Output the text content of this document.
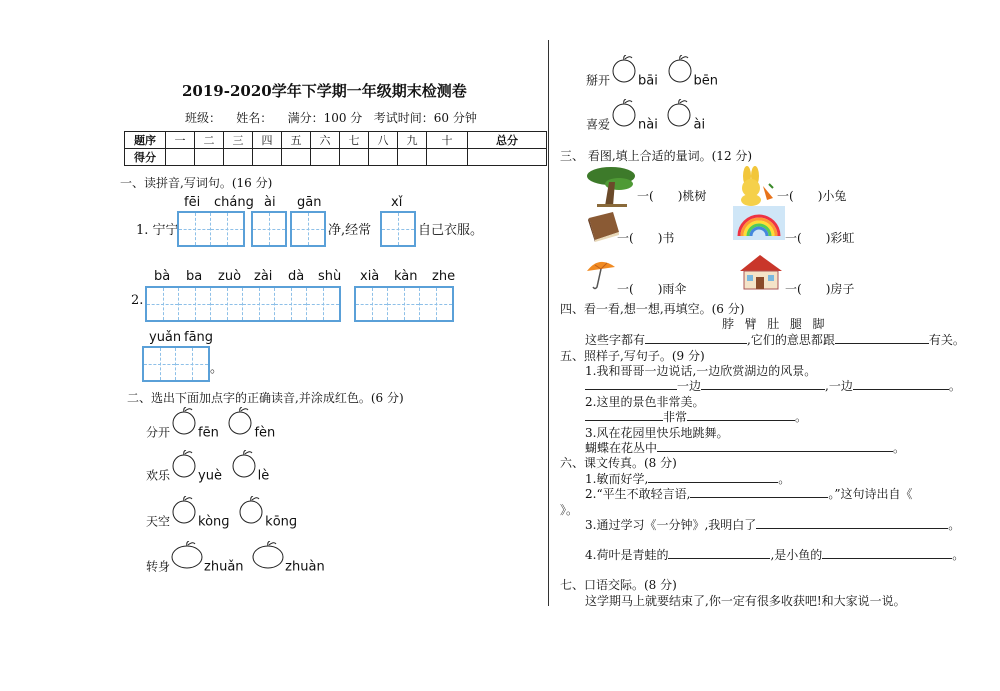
2019-2020学年下学期一年级期末检测卷
班级： 姓名： 满分：100 分 考试时间：60 分钟
题序	一	二	三	四	五	六	七	八	九	十	总分
得分											
一、读拼音,写词句。(16 分)
fēi cháng ài gān	xǐ
1. 宁宁	净,经常	自己衣服。
bà ba zuò zài dà shù xià kàn zhe
2.
yuǎn fāng
。
二、选出下面加点字的正确读音,并涂成红色。(6 分)
分开 fēn	fèn
欢乐 yuè	lè
天空 kònɡ	kōnɡ
转身	zhuǎn	zhuàn
掰开 bāi	bēn
喜爱 nài	ài
三、 看图,填上合适的量词。(12 分)
一( )桃树	一( )小兔
一( )书	一( )彩虹
一( )雨伞	一( )房子
四、看一看,想一想,再填空。(6 分)
脖  臂  肚  腿  脚
这些字都有	,它们的意思都跟	有关。
五、照样子,写句子。(9 分)
1.我和哥哥一边说话,一边欣赏湖边的风景。
一边	,一边	。
2.这里的景色非常美。
非常	。
3.风在花园里快乐地跳舞。
蝴蝶在花丛中	。
六、课文传真。(8 分)
1.敏而好学,	。
2.“平生不敢轻言语,	。”这句诗出自《
》。
3.通过学习《一分钟》,我明白了	。
4.荷叶是青蛙的	,是小鱼的	。
七、口语交际。(8 分)
这学期马上就要结束了,你一定有很多收获吧!和大家说一说。
